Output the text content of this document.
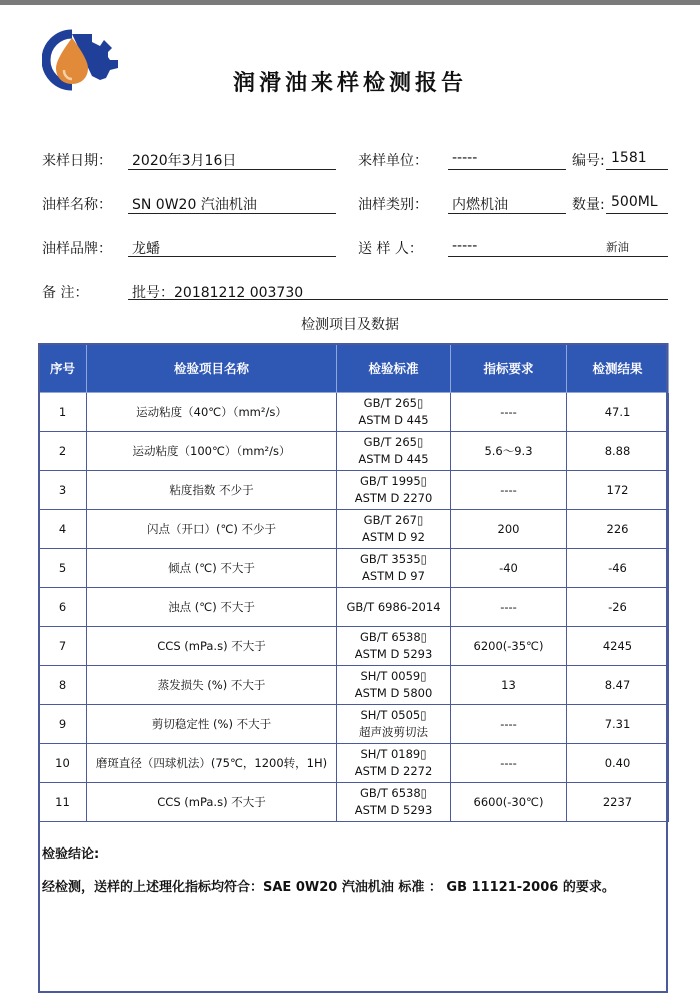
润滑油来样检测报告
来样日期： 2020年3月16日	来样单位： -----	编号: 1581
油样名称： SN 0W20 汽油机油	油样类别： 内燃机油	数量: 500ML
油样品牌： 龙蟠	送 样 人： -----	新油
备 注：	批号：20181212 003730
检测项目及数据
序号	检验项目名称	检验标准	指标要求	检测结果
1	运动粘度（40℃）（mm²/s）	GB/T 265▯
ASTM D 445	----	47.1
2	运动粘度（100℃）（mm²/s）	GB/T 265▯
ASTM D 445	5.6～9.3	8.88
3	粘度指数 不少于	GB/T 1995▯
ASTM D 2270	----	172
4	闪点（开口）(℃) 不少于	GB/T 267▯
ASTM D 92	200	226
5	倾点 (℃) 不大于	GB/T 3535▯
ASTM D 97	-40	-46
6	浊点 (℃) 不大于	GB/T 6986-2014	----	-26
7	CCS (mPa.s) 不大于	GB/T 6538▯
ASTM D 5293	6200(-35℃)	4245
8	蒸发损失 (%) 不大于	SH/T 0059▯
ASTM D 5800	13	8.47
9	剪切稳定性 (%) 不大于	SH/T 0505▯
超声波剪切法	----	7.31
10	磨斑直径（四球机法）(75℃，1200转，1H)	SH/T 0189▯
ASTM D 2272	----	0.40
11	CCS (mPa.s) 不大于	GB/T 6538▯
ASTM D 5293	6600(-30℃)	2237
检验结论:
经检测，送样的上述理化指标均符合：SAE 0W20 汽油机油 标准 ： GB 11121-2006 的要求。
